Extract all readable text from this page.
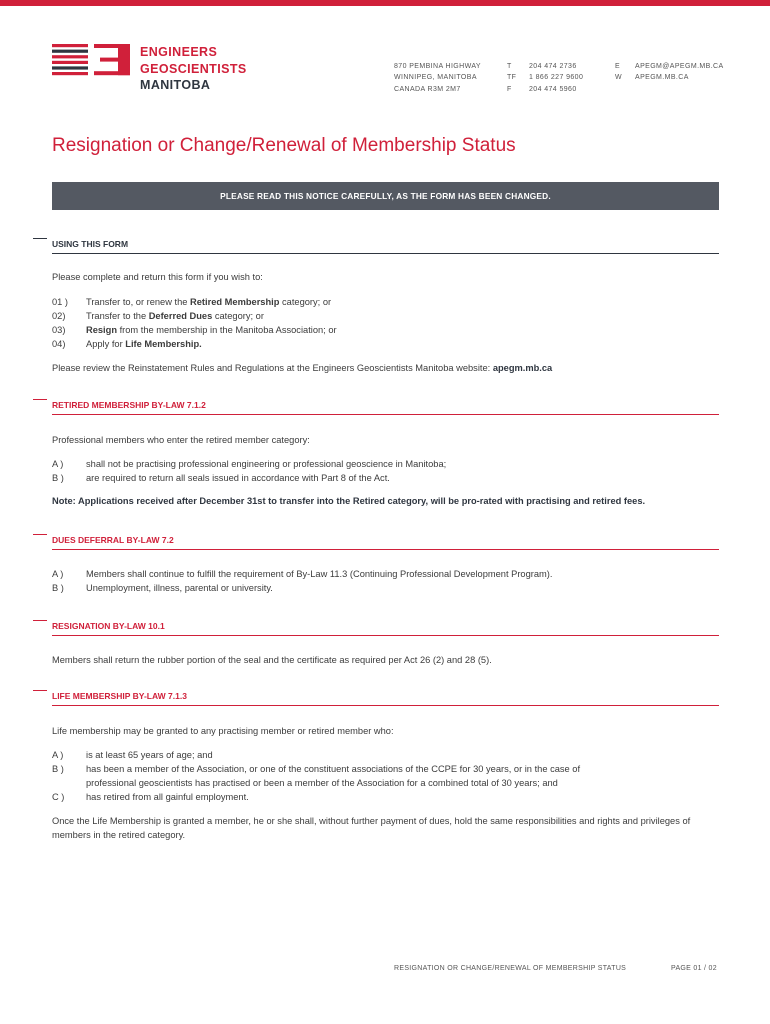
ENGINEERS
GEOSCIENTISTS
MANITOBA
870 PEMBINA HIGHWAY
WINNIPEG, MANITOBA
CANADA R3M 2M7
T
TF
F
204 474 2736
1 866 227 9600
204 474 5960
E
W
APEGM@APEGM.MB.CA
APEGM.MB.CA
Resignation or Change/Renewal of Membership Status
PLEASE READ THIS NOTICE CAREFULLY, AS THE FORM HAS BEEN CHANGED.
USING THIS FORM
Please complete and return this form if you wish to:
01 ) Transfer to, or renew the Retired Membership category; or
02) Transfer to the Deferred Dues category; or
03) Resign from the membership in the Manitoba Association; or
04) Apply for Life Membership.
Please review the Reinstatement Rules and Regulations at the Engineers Geoscientists Manitoba website: apegm.mb.ca
RETIRED MEMBERSHIP BY-LAW 7.1.2
Professional members who enter the retired member category:
A ) shall not be practising professional engineering or professional geoscience in Manitoba;
B ) are required to return all seals issued in accordance with Part 8 of the Act.
Note: Applications received after December 31st to transfer into the Retired category, will be pro-rated with practising and retired fees.
DUES DEFERRAL BY-LAW 7.2
A ) Members shall continue to fulfill the requirement of By-Law 11.3 (Continuing Professional Development Program).
B ) Unemployment, illness, parental or university.
RESIGNATION BY-LAW 10.1
Members shall return the rubber portion of the seal and the certificate as required per Act 26 (2) and 28 (5).
LIFE MEMBERSHIP BY-LAW 7.1.3
Life membership may be granted to any practising member or retired member who:
A ) is at least 65 years of age; and
B ) has been a member of the Association, or one of the constituent associations of the CCPE for 30 years, or in the case of
professional geoscientists has practised or been a member of the Association for a combined total of 30 years; and
C ) has retired from all gainful employment.
Once the Life Membership is granted a member, he or she shall, without further payment of dues, hold the same responsibilities and rights and privileges of members in the retired category.
RESIGNATION OR CHANGE/RENEWAL OF MEMBERSHIP STATUS	PAGE 01 / 02
